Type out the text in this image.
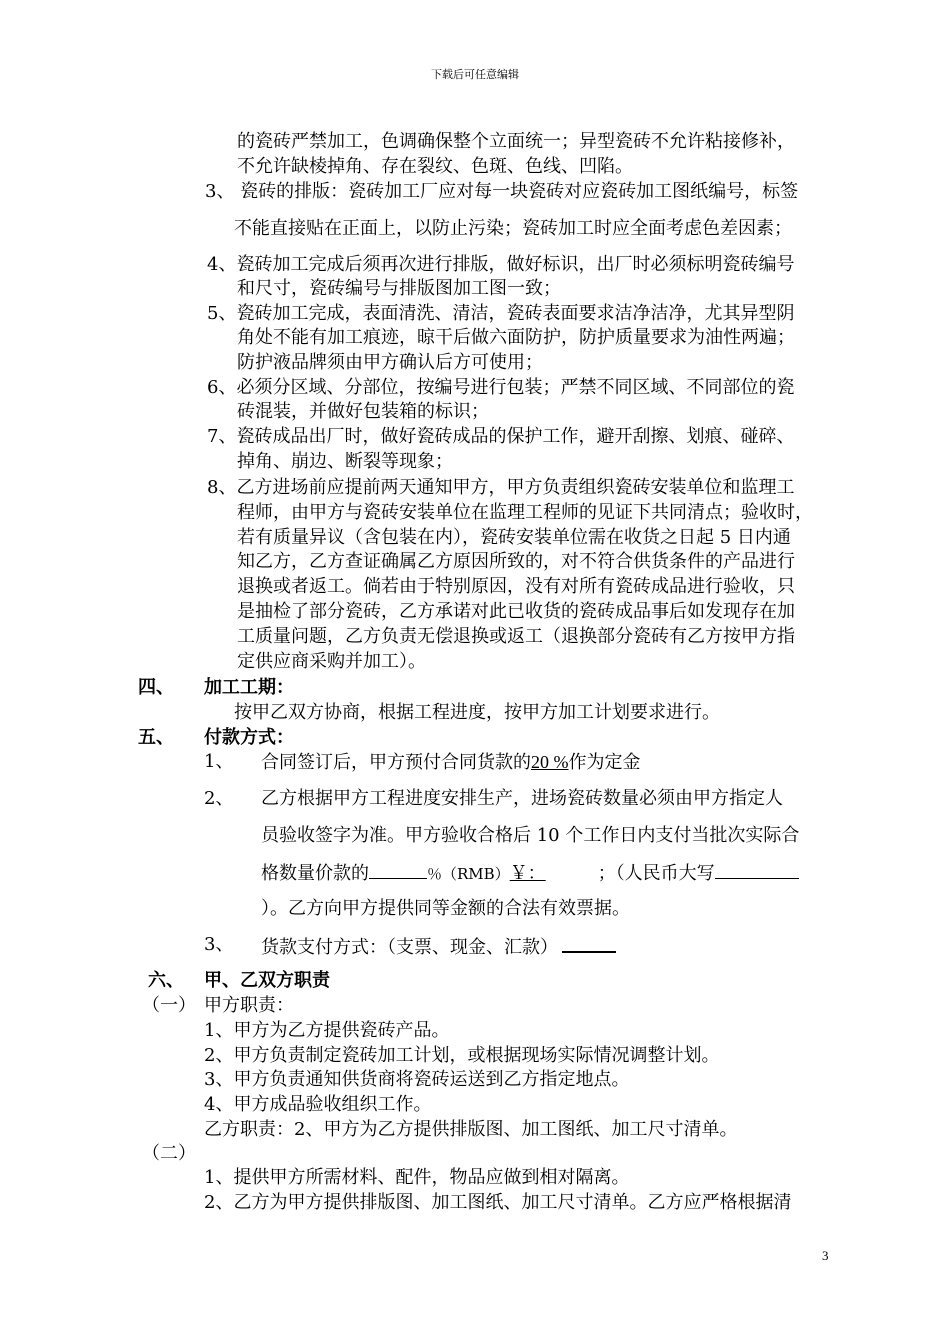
下载后可任意编辑
的瓷砖严禁加工，色调确保整个立面统一；异型瓷砖不允许粘接修补，
不允许缺棱掉角、存在裂纹、色斑、色线、凹陷。
3、 瓷砖的排版：瓷砖加工厂应对每一块瓷砖对应瓷砖加工图纸编号，标签
不能直接贴在正面上，以防止污染；瓷砖加工时应全面考虑色差因素；
4、瓷砖加工完成后须再次进行排版，做好标识，出厂时必须标明瓷砖编号
和尺寸，瓷砖编号与排版图加工图一致；
5、瓷砖加工完成，表面清洗、清洁，瓷砖表面要求洁净洁净，尤其异型阴
角处不能有加工痕迹，晾干后做六面防护，防护质量要求为油性两遍；
防护液品牌须由甲方确认后方可使用；
6、必须分区域、分部位，按编号进行包装；严禁不同区域、不同部位的瓷
砖混装，并做好包装箱的标识；
7、瓷砖成品出厂时，做好瓷砖成品的保护工作，避开刮擦、划痕、碰碎、
掉角、崩边、断裂等现象；
8、乙方进场前应提前两天通知甲方，甲方负责组织瓷砖安装单位和监理工
程师，由甲方与瓷砖安装单位在监理工程师的见证下共同清点；验收时，
若有质量异议（含包装在内），瓷砖安装单位需在收货之日起 5 日内通
知乙方，乙方查证确属乙方原因所致的，对不符合供货条件的产品进行
退换或者返工。倘若由于特别原因，没有对所有瓷砖成品进行验收，只
是抽检了部分瓷砖，乙方承诺对此已收货的瓷砖成品事后如发现存在加
工质量问题，乙方负责无偿退换或返工（退换部分瓷砖有乙方按甲方指
定供应商采购并加工）。
四、 加工工期：
按甲乙双方协商，根据工程进度，按甲方加工计划要求进行。
五、 付款方式：
1、 合同签订后，甲方预付合同货款的20 %作为定金
2、 乙方根据甲方工程进度安排生产，进场瓷砖数量必须由甲方指定人
员验收签字为准。甲方验收合格后 10 个工作日内支付当批次实际合
格数量价款的	％（RMB）￥：	；（人民币大写
）。乙方向甲方提供同等金额的合法有效票据。
3、 货款支付方式：（支票、现金、汇款）
六、 甲、乙双方职责
（一） 甲方职责：
1、甲方为乙方提供瓷砖产品。
2、甲方负责制定瓷砖加工计划，或根据现场实际情况调整计划。
3、甲方负责通知供货商将瓷砖运送到乙方指定地点。
4、甲方成品验收组织工作。
乙方职责：2、甲方为乙方提供排版图、加工图纸、加工尺寸清单。
（二）
1、提供甲方所需材料、配件，物品应做到相对隔离。
2、乙方为甲方提供排版图、加工图纸、加工尺寸清单。乙方应严格根据清
3
